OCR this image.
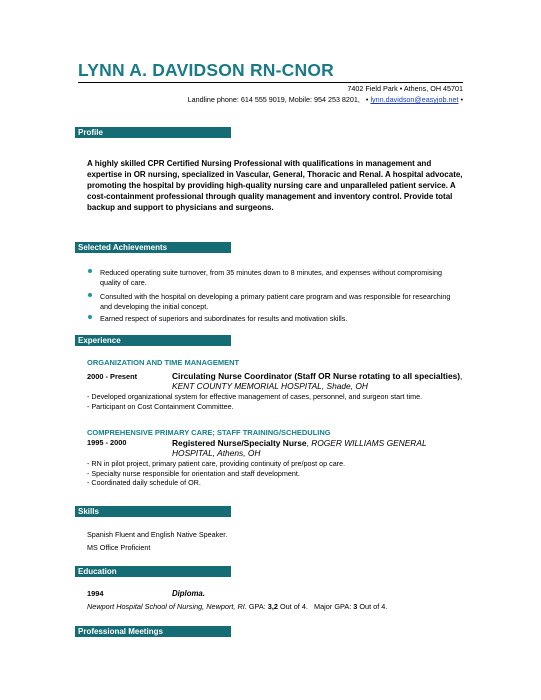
LYNN A. DAVIDSON RN-CNOR
7402 Field Park • Athens, OH 45701
Landline phone: 614 555 9019, Mobile: 954 253 8201, • lynn.davidson@easyjob.net •
Profile
A highly skilled CPR Certified Nursing Professional with qualifications in management and expertise in OR nursing, specialized in Vascular, General, Thoracic and Renal. A hospital advocate, promoting the hospital by providing high-quality nursing care and unparalleled patient service. A cost-containment professional through quality management and inventory control. Provide total backup and support to physicians and surgeons.
Selected Achievements
Reduced operating suite turnover, from 35 minutes down to 8 minutes, and expenses without compromising quality of care.
Consulted with the hospital on developing a primary patient care program and was responsible for researching and developing the initial concept.
Earned respect of superiors and subordinates for results and motivation skills.
Experience
ORGANIZATION AND TIME MANAGEMENT
2000 - Present	Circulating Nurse Coordinator (Staff OR Nurse rotating to all specialties), KENT COUNTY MEMORIAL HOSPITAL, Shade, OH
- Developed organizational system for effective management of cases, personnel, and surgeon start time.
- Participant on Cost Containment Committee.
COMPREHENSIVE PRIMARY CARE; STAFF TRAINING/SCHEDULING
1995 - 2000	Registered Nurse/Specialty Nurse, ROGER WILLIAMS GENERAL HOSPITAL, Athens, OH
- RN in pilot project, primary patient care, providing continuity of pre/post op care.
- Specialty nurse responsible for orientation and staff development.
- Coordinated daily schedule of OR.
Skills
Spanish Fluent and English Native Speaker.
MS Office Proficient
Education
1994	Diploma.
Newport Hospital School of Nursing, Newport, RI. GPA: 3,2 Out of 4. Major GPA: 3 Out of 4.
Professional Meetings
